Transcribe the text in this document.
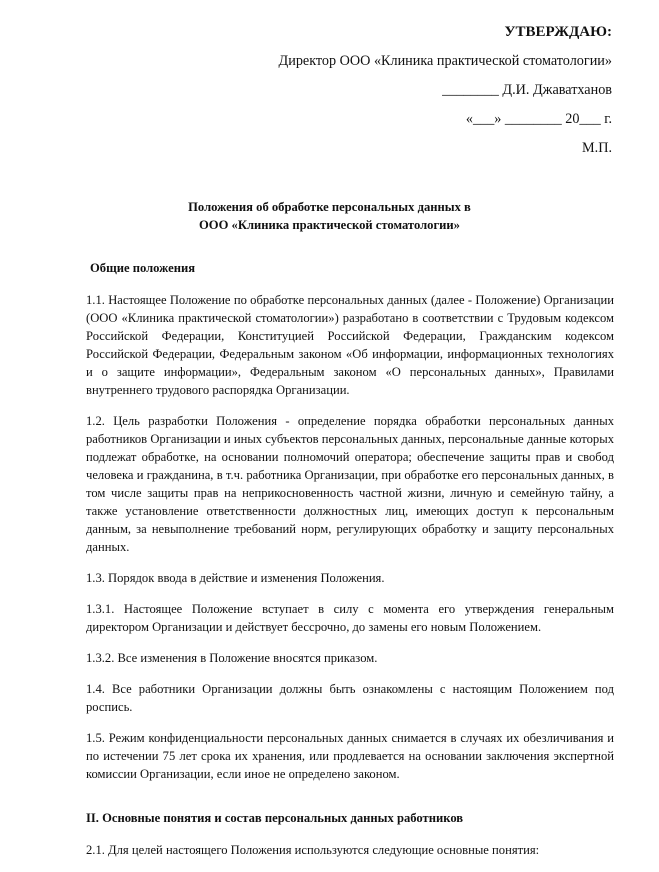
УТВЕРЖДАЮ:
Директор ООО «Клиника практической стоматологии»
________ Д.И. Джаватханов
«___» ________ 20___ г.
М.П.
Положения об обработке персональных данных в
ООО «Клиника практической стоматологии»

Общие положения

1.1. Настоящее Положение по обработке персональных данных (далее - Положение) Организации (ООО «Клиника практической стоматологии») разработано в соответствии с Трудовым кодексом Российской Федерации, Конституцией Российской Федерации, Гражданским кодексом Российской Федерации, Федеральным законом «Об информации, информационных технологиях и о защите информации», Федеральным законом «О персональных данных», Правилами внутреннего трудового распорядка Организации.

1.2. Цель разработки Положения - определение порядка обработки персональных данных работников Организации и иных субъектов персональных данных, персональные данные которых подлежат обработке, на основании полномочий оператора; обеспечение защиты прав и свобод человека и гражданина, в т.ч. работника Организации, при обработке его персональных данных, в том числе защиты прав на неприкосновенность частной жизни, личную и семейную тайну, а также установление ответственности должностных лиц, имеющих доступ к персональным данным, за невыполнение требований норм, регулирующих обработку и защиту персональных данных.

1.3. Порядок ввода в действие и изменения Положения.

1.3.1. Настоящее Положение вступает в силу с момента его утверждения генеральным директором Организации и действует бессрочно, до замены его новым Положением.

1.3.2. Все изменения в Положение вносятся приказом.

1.4. Все работники Организации должны быть ознакомлены с настоящим Положением под роспись.

1.5. Режим конфиденциальности персональных данных снимается в случаях их обезличивания и по истечении 75 лет срока их хранения, или продлевается на основании заключения экспертной комиссии Организации, если иное не определено законом.

II. Основные понятия и состав персональных данных работников

2.1. Для целей настоящего Положения используются следующие основные понятия:
